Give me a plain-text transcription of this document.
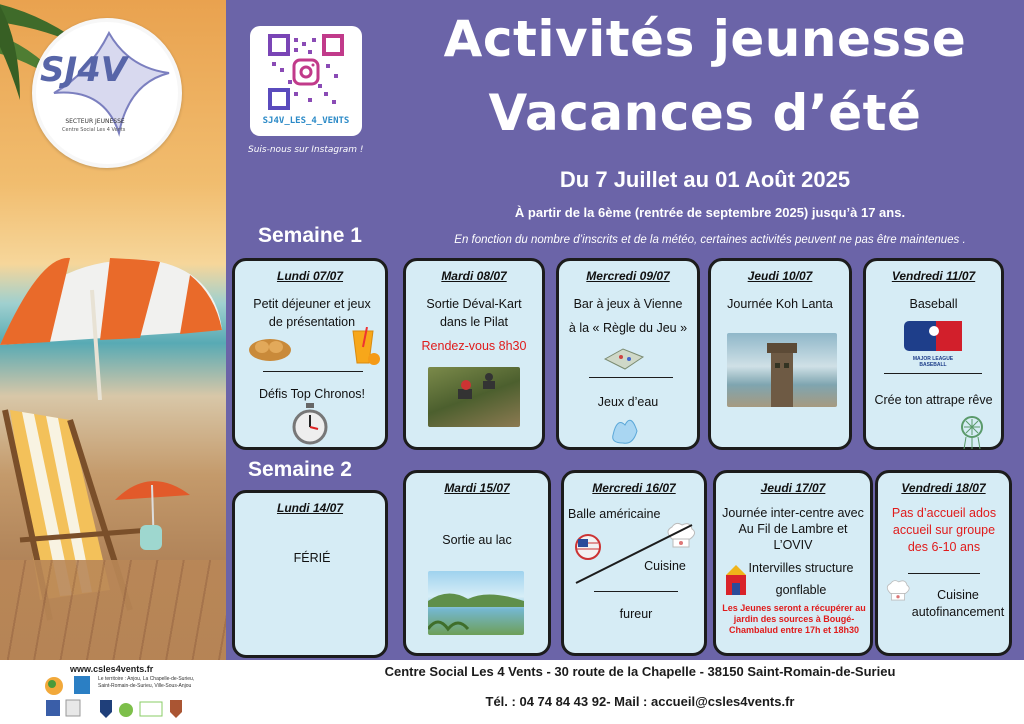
SJ4V
SECTEUR JEUNESSE
Centre Social Les 4 Vents
SJ4V_LES_4_VENTS
Suis-nous sur Instagram !
Activités jeunesse
Vacances d’été
Du 7 Juillet au 01 Août 2025
À partir de la 6ème (rentrée de septembre 2025) jusqu’à 17 ans.
En fonction du nombre d’inscrits et de la météo, certaines activités peuvent ne pas être maintenues .
Semaine 1
Semaine 2
Lundi 07/07
Petit déjeuner et jeux de présentation
Défis Top Chronos!
Mardi 08/07
Sortie Déval-Kart dans le Pilat
Rendez-vous 8h30
Mercredi 09/07
Bar à jeux à Vienne
à la « Règle du Jeu »
Jeux d’eau
Jeudi 10/07
Journée Koh Lanta
Vendredi 11/07
Baseball
MAJOR LEAGUE BASEBALL
Crée ton attrape rêve
Lundi 14/07
FÉRIÉ
Mardi 15/07
Sortie au lac
Mercredi 16/07
Balle américaine
Cuisine
fureur
Jeudi 17/07
Journée inter-centre avec Au Fil de Lambre et L’OVIV
Intervilles structure gonflable
Les Jeunes seront a récupérer au jardin des sources à Bougé-Chambalud entre 17h et 18h30
Vendredi 18/07
Pas d’accueil ados accueil sur groupe des 6-10 ans
Cuisine autofinancement
www.csles4vents.fr
Le territoire : Anjou, La Chapelle-de-Surieu, Saint-Romain-de-Surieu, Ville-Sous-Anjou
Centre Social Les 4 Vents - 30 route de la Chapelle - 38150 Saint-Romain-de-Surieu
Tél. : 04 74 84 43 92- Mail : accueil@csles4vents.fr
